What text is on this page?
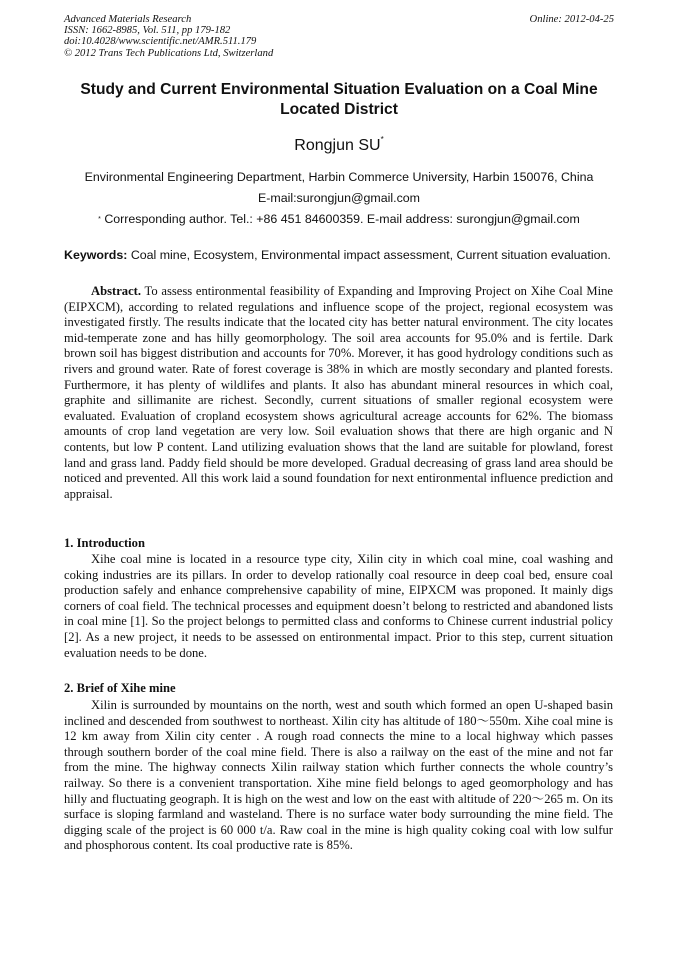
Advanced Materials Research
ISSN: 1662-8985, Vol. 511, pp 179-182
doi:10.4028/www.scientific.net/AMR.511.179
© 2012 Trans Tech Publications Ltd, Switzerland
Online: 2012-04-25
Study and Current Environmental Situation Evaluation on a Coal Mine Located District
Rongjun SU*
Environmental Engineering Department, Harbin Commerce University, Harbin 150076, China
E-mail:surongjun@gmail.com
* Corresponding author. Tel.: +86 451 84600359. E-mail address: surongjun@gmail.com
Keywords: Coal mine, Ecosystem, Environmental impact assessment, Current situation evaluation.

Abstract. To assess entironmental feasibility of Expanding and Improving Project on Xihe Coal Mine (EIPXCM), according to related regulations and influence scope of the project, regional ecosystem was investigated firstly. The results indicate that the located city has better natural environment. The city locates mid-temperate zone and has hilly geomorphology. The soil area accounts for 95.0% and is fertile. Dark brown soil has biggest distribution and accounts for 70%. Morever, it has good hydrology conditions such as rivers and ground water. Rate of forest coverage is 38% in which are mostly secondary and planted forests. Furthermore, it has plenty of wildlifes and plants. It also has abundant mineral resources in which coal, graphite and sillimanite are richest. Secondly, current situations of smaller regional ecosystem were evaluated. Evaluation of cropland ecosystem shows agricultural acreage accounts for 62%. The biomass amounts of crop land vegetation are very low. Soil evaluation shows that there are high organic and N contents, but low P content. Land utilizing evaluation shows that the land are suitable for plowland, forest land and grass land. Paddy field should be more developed. Gradual decreasing of grass land area should be noticed and prevented. All this work laid a sound foundation for next entironmental influence prediction and appraisal.

1. Introduction

Xihe coal mine is located in a resource type city, Xilin city in which coal mine, coal washing and coking industries are its pillars. In order to develop rationally coal resource in deep coal bed, ensure coal production safely and enhance comprehensive capability of mine, EIPXCM was proponed. It mainly digs corners of coal field. The technical processes and equipment doesn’t belong to restricted and abandoned lists in coal mine [1]. So the project belongs to permitted class and conforms to Chinese current industrial policy [2]. As a new project, it needs to be assessed on entironmental impact. Prior to this step, current situation evaluation needs to be done.

2. Brief of Xihe mine

Xilin is surrounded by mountains on the north, west and south which formed an open U-shaped basin inclined and descended from southwest to northeast. Xilin city has altitude of 180～550m. Xihe coal mine is 12 km away from Xilin city center . A rough road connects the mine to a local highway which passes through southern border of the coal mine field. There is also a railway on the east of the mine and not far from the mine. The highway connects Xilin railway station which further connects the whole country’s railway. So there is a convenient transportation. Xihe mine field belongs to aged geomorphology and has hilly and fluctuating geograph. It is high on the west and low on the east with altitude of 220～265 m. On its surface is sloping farmland and wasteland. There is no surface water body surrounding the mine field. The digging scale of the project is 60 000 t/a. Raw coal in the mine is high quality coking coal with low sulfur and phosphorous content. Its coal productive rate is 85%.
